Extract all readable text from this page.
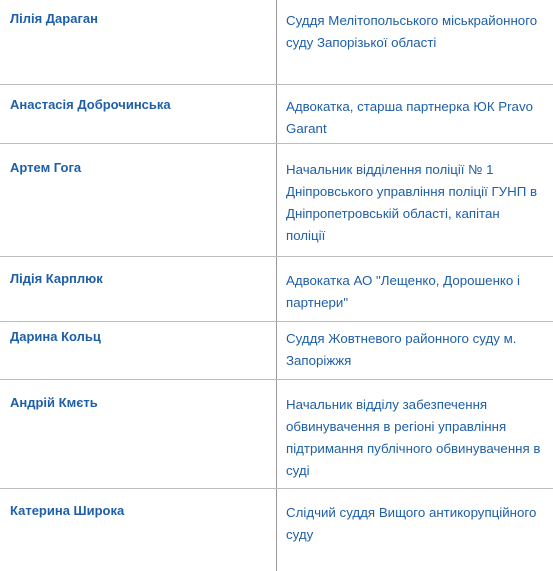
Лілія Дараган	Суддя Мелітопольського міськрайонного суду Запорізької області
Анастасія Доброчинська	Адвокатка, старша партнерка ЮК Pravo Garant
Артем Гога	Начальник відділення поліції № 1 Дніпровського управління поліції ГУНП в Дніпропетровській області, капітан поліції
Лідія Карплюк	Адвокатка АО "Лещенко, Дорошенко і партнери"
Дарина Кольц	Суддя Жовтневого районного суду м. Запоріжжя
Андрій Кмєть	Начальник відділу забезпечення обвинувачення в регіоні управління підтримання публічного обвинувачення в суді
Катерина Широка	Слідчий суддя Вищого антикорупційного суду
